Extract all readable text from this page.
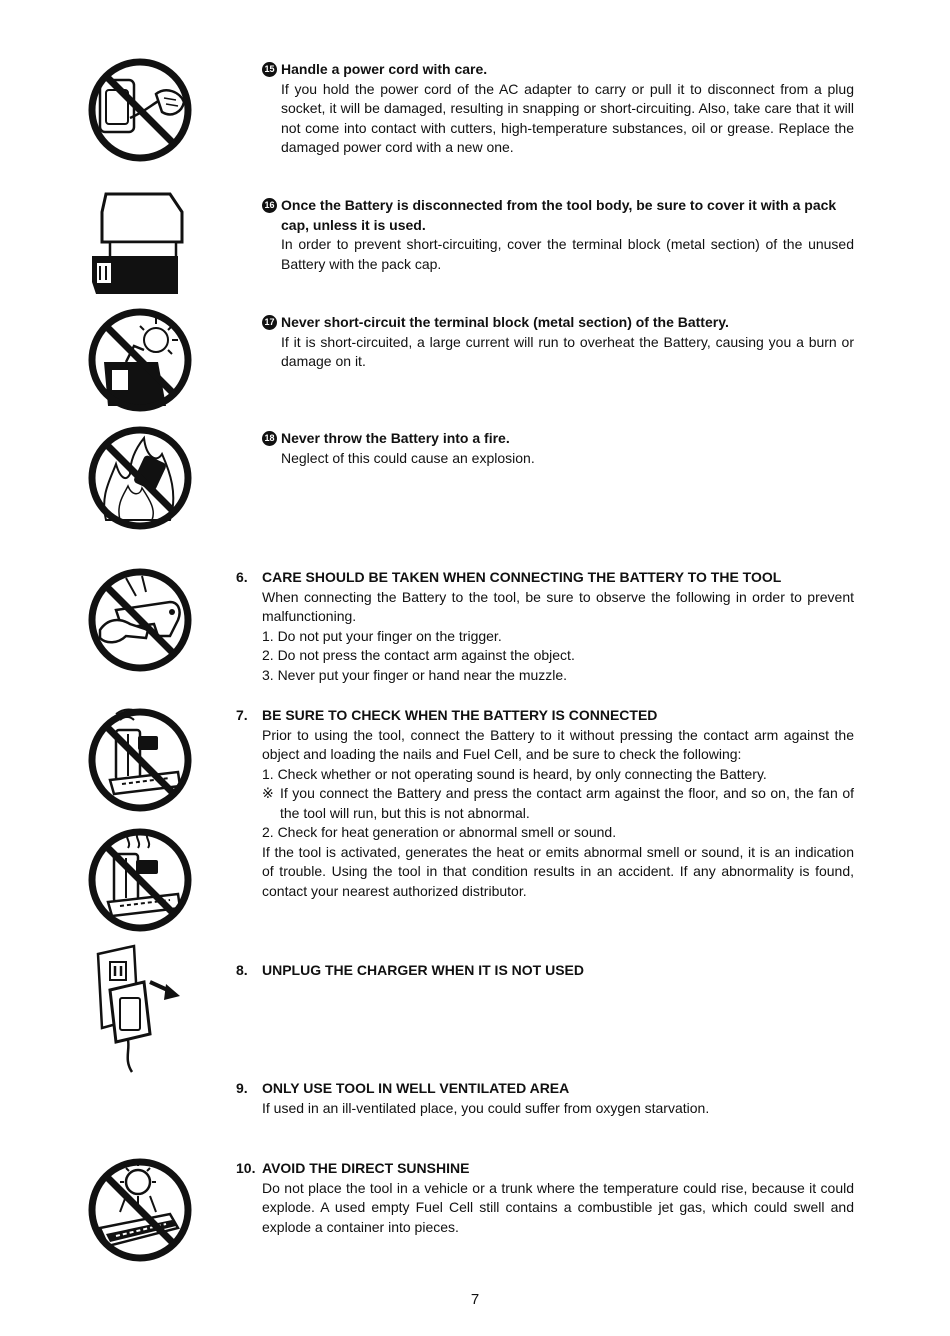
15 Handle a power cord with care.
If you hold the power cord of the AC adapter to carry or pull it to disconnect from a plug socket, it will be damaged, resulting in snapping or short-circuiting. Also, take care that it will not come into contact with cutters, high-temperature substances, oil or grease. Replace the damaged power cord with a new one.
16 Once the Battery is disconnected from the tool body, be sure to cover it with a pack cap, unless it is used.
In order to prevent short-circuiting, cover the terminal block (metal section) of the unused Battery with the pack cap.
17 Never short-circuit the terminal block (metal section) of the Battery.
If it is short-circuited, a large current will run to overheat the Battery, causing you a burn or damage on it.
18 Never throw the Battery into a fire.
Neglect of this could cause an explosion.
6. CARE SHOULD BE TAKEN WHEN CONNECTING THE BATTERY TO THE TOOL
When connecting the Battery to the tool, be sure to observe the following in order to prevent malfunctioning.
1. Do not put your finger on the trigger.
2. Do not press the contact arm against the object.
3. Never put your finger or hand near the muzzle.
7. BE SURE TO CHECK WHEN THE BATTERY IS CONNECTED
Prior to using the tool, connect the Battery to it without pressing the contact arm against the object and loading the nails and Fuel Cell, and be sure to check the following:
1. Check whether or not operating sound is heard, by only connecting the Battery.
※ If you connect the Battery and press the contact arm against the floor, and so on, the fan of the tool will run, but this is not abnormal.
2. Check for heat generation or abnormal smell or sound.
If the tool is activated, generates the heat or emits abnormal smell or sound, it is an indication of trouble. Using the tool in that condition results in an accident. If any abnormality is found, contact your nearest authorized distributor.
8. UNPLUG THE CHARGER WHEN IT IS NOT USED
9. ONLY USE TOOL IN WELL VENTILATED AREA
If used in an ill-ventilated place, you could suffer from oxygen starvation.
10. AVOID THE DIRECT SUNSHINE
Do not place the tool in a vehicle or a trunk where the temperature could rise, because it could explode. A used empty Fuel Cell still contains a combustible jet gas, which could swell and explode a container into pieces.
7
